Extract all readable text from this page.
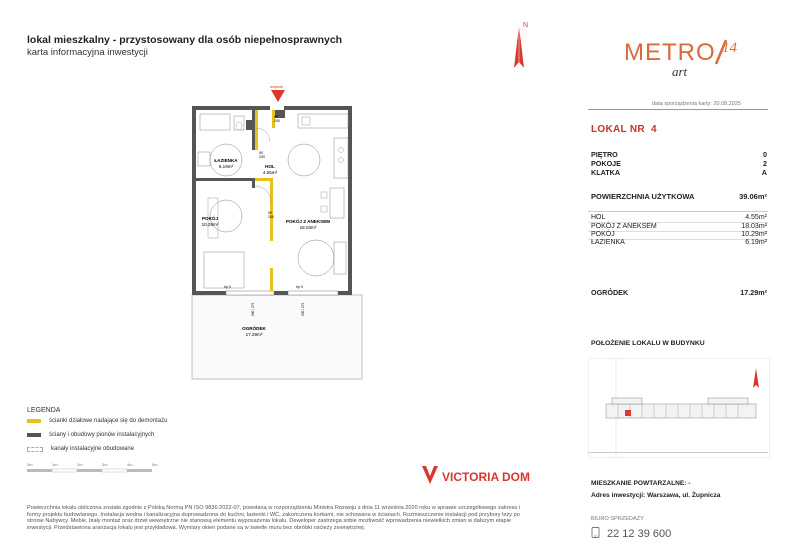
lokal mieszkalny - przystosowany dla osób niepełnosprawnych
karta informacyjna inwestycji
N
METRO 14
art
data sporządzenia karty: 20.08.2025
LOKAL NR 4
PIĘTRO	0
POKOJE	2
KLATKA	A
POWIERZCHNIA UŻYTKOWA	39.06m²
HOL	4.55m²
POKÓJ Z ANEKSEM	18.03m²
POKÓJ	10.29m²
ŁAZIENKA	6.19m²
OGRÓDEK	17.29m²
POŁOŻENIE LOKALU W BUDYNKU
MIESZKANIE POWTARZALNE: -
Adres inwestycji: Warszawa, ul. Żupnicza
BIURO SPRZEDAŻY
22 12 39 600
wejście
ŁAZIENKA
6.19m²	HOL
4.55m²
POKÓJ
10.29m²
POKÓJ Z ANEKSEM
18.03m²
OGRÓDEK
17.29m²
90 200
90 200
90 200
hp 0	hp 0
160 / 279	230 / 279
LEGENDA
ścianki działowe nadające się do demontażu
ściany i obudowy pionów instalacyjnych
kanały instalacyjne obudowane
1m	2m	3m	4m	5m
0m
VICTORIA DOM
Powierzchnia lokalu obliczona została zgodnie z Polską Normą PN ISO 9836:2022-07, powołaną w rozporządzeniu Ministra Rozwoju z dnia 11 września 2020 roku w sprawie szczegółowego zakresu i formy projektu budowlanego. Instalacja wodna i kanalizacyjna doprowadzona do kuchni, łazienki i WC, zakończona korkami, nie schowana w ścianach. Rozmieszczenie instalacji pod przybory leży po stronie Nabywcy. Meble, biały montaż oraz drzwi wewnętrzne nie stanowią elementu wyposażenia lokalu. Deweloper zastrzega sobie możliwość wprowadzenia niewielkich zmian w dalszym etapie inwestycji. Przedstawiona aranżacja lokalu jest przykładowa. Wymiary okien podane są w świetle muru bez obróbki ościeży zewnętrznej.
